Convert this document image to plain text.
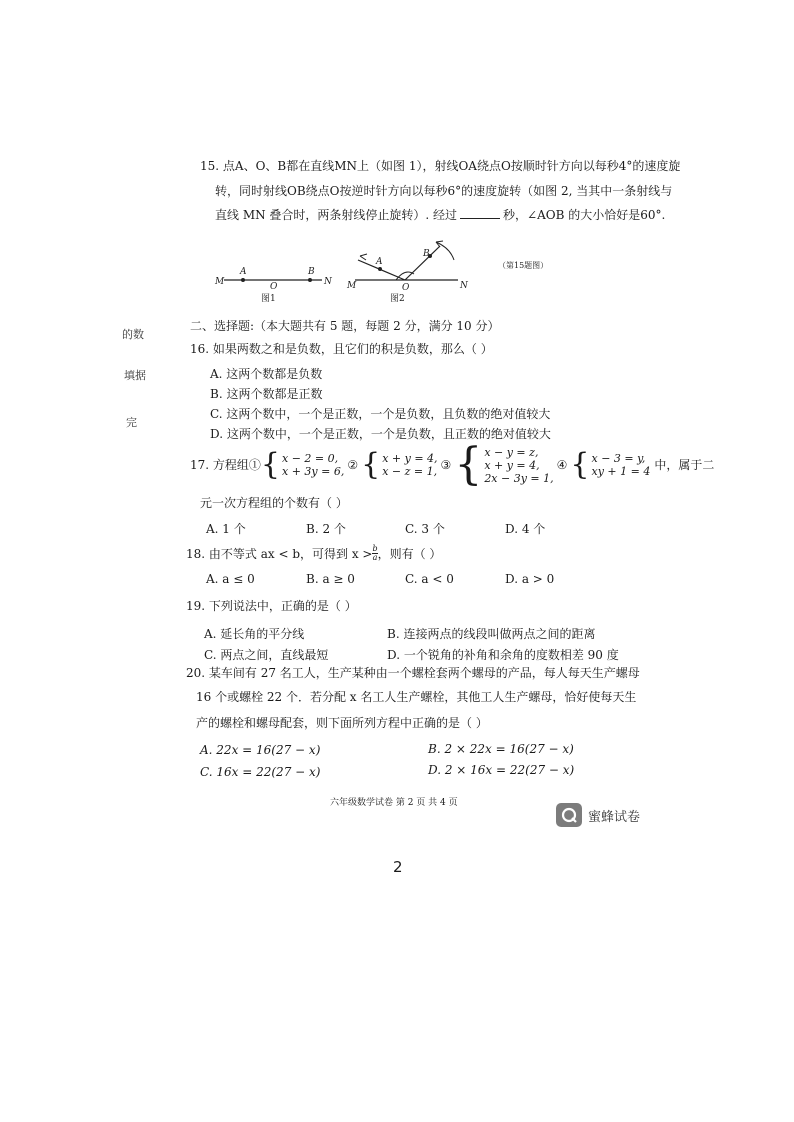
的数
填据
完
15. 点A、O、B都在直线MN上（如图 1），射线OA绕点O按顺时针方向以每秒4°的速度旋
转，同时射线OB绕点O按逆时针方向以每秒6°的速度旋转（如图 2, 当其中一条射线与
直线 MN 叠合时，两条射线停止旋转）. 经过	秒，∠AOB 的大小恰好是60°.
M
A
O
B
N
图1
M
A
O
B
N
图2
（第15题图）
二、选择题:（本大题共有 5 题，每题 2 分，满分 10 分）
16. 如果两数之和是负数，且它们的积是负数，那么（ ）
A. 这两个数都是负数
B. 这两个数都是正数
C. 这两个数中，一个是正数，一个是负数，且负数的绝对值较大
D. 这两个数中，一个是正数，一个是负数，且正数的绝对值较大
17. 方程组① { x − 2 = 0,
x + 3y = 6, ② { x + y = 4,
x − z = 1, ③ { x − y = z,
x + y = 4,
2x − 3y = 1,
④ { x − 3 = y,
xy + 1 = 4 中，属于二
元一次方程组的个数有（ ）
A. 1 个	B. 2 个	C. 3 个	D. 4 个
18. 由不等式 ax < b，可得到 $x > \frac{b}{a}$ ，则有（ ）
A. a ≤ 0	B. a ≥ 0	C. a < 0	D. a > 0
19. 下列说法中，正确的是（ ）
A. 延长角的平分线	B. 连接两点的线段叫做两点之间的距离
C. 两点之间，直线最短	D. 一个锐角的补角和余角的度数相差 90 度
20. 某车间有 27 名工人，生产某种由一个螺栓套两个螺母的产品，每人每天生产螺母
16 个或螺栓 22 个．若分配 x 名工人生产螺栓，其他工人生产螺母，恰好使每天生
产的螺栓和螺母配套，则下面所列方程中正确的是（ ）
A. 22x = 16(27 − x)	B. 2 × 22x = 16(27 − x)
C. 16x = 22(27 − x)	D. 2 × 16x = 22(27 − x)
六年级数学试卷 第 2 页 共 4 页
蜜蜂试卷
2
